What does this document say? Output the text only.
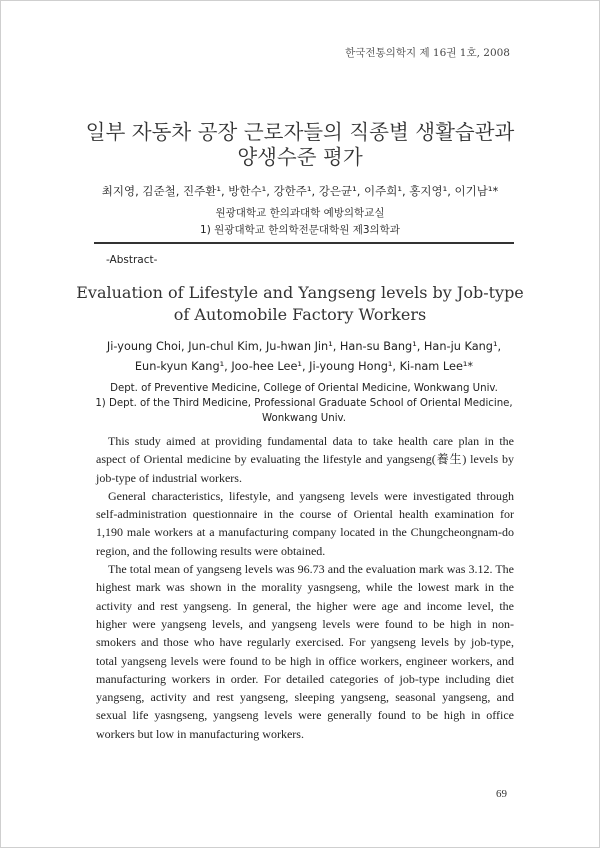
한국전통의학지 제 16권 1호, 2008
일부 자동차 공장 근로자들의 직종별 생활습관과
양생수준 평가
최지영, 김준철, 진주환¹, 방한수¹, 강한주¹, 강은균¹, 이주희¹, 홍지영¹, 이기남¹*
원광대학교 한의과대학 예방의학교실
1) 원광대학교 한의학전문대학원 제3의학과
-Abstract-
Evaluation of Lifestyle and Yangseng levels by Job-type
of Automobile Factory Workers
Ji-young Choi, Jun-chul Kim, Ju-hwan Jin¹, Han-su Bang¹, Han-ju Kang¹,
Eun-kyun Kang¹, Joo-hee Lee¹, Ji-young Hong¹, Ki-nam Lee¹*
Dept. of Preventive Medicine, College of Oriental Medicine, Wonkwang Univ.
1) Dept. of the Third Medicine, Professional Graduate School of Oriental Medicine, Wonkwang Univ.

This study aimed at providing fundamental data to take health care plan in the aspect of Oriental medicine by evaluating the lifestyle and yangseng(養生) levels by job-type of industrial workers.

General characteristics, lifestyle, and yangseng levels were investigated through self-administration questionnaire in the course of Oriental health examination for 1,190 male workers at a manufacturing company located in the Chungcheongnam-do region, and the following results were obtained.

The total mean of yangseng levels was 96.73 and the evaluation mark was 3.12. The highest mark was shown in the morality yasngseng, while the lowest mark in the activity and rest yangseng. In general, the higher were age and income level, the higher were yangseng levels, and yangseng levels were found to be high in non-smokers and those who have regularly exercised. For yangseng levels by job-type, total yangseng levels were found to be high in office workers, engineer workers, and manufacturing workers in order. For detailed categories of job-type including diet yangseng, activity and rest yangseng, sleeping yangseng, seasonal yangseng, and sexual life yasngseng, yangseng levels were generally found to be high in office workers but low in manufacturing workers.

69
